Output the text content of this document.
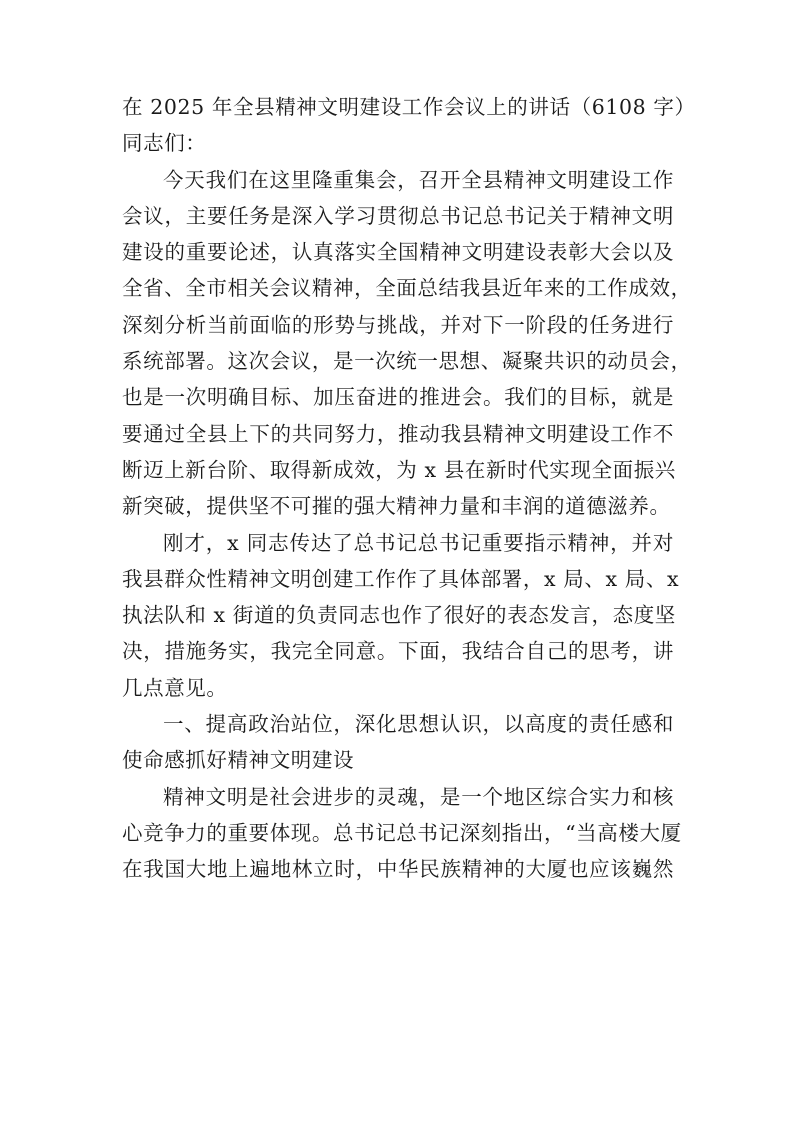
在 2025 年全县精神文明建设工作会议上的讲话（6108 字）
同志们：
今天我们在这里隆重集会，召开全县精神文明建设工作
会议，主要任务是深入学习贯彻总书记总书记关于精神文明
建设的重要论述，认真落实全国精神文明建设表彰大会以及
全省、全市相关会议精神，全面总结我县近年来的工作成效，
深刻分析当前面临的形势与挑战，并对下一阶段的任务进行
系统部署。这次会议，是一次统一思想、凝聚共识的动员会，
也是一次明确目标、加压奋进的推进会。我们的目标，就是
要通过全县上下的共同努力，推动我县精神文明建设工作不
断迈上新台阶、取得新成效，为 x 县在新时代实现全面振兴
新突破，提供坚不可摧的强大精神力量和丰润的道德滋养。
刚才，x 同志传达了总书记总书记重要指示精神，并对
我县群众性精神文明创建工作作了具体部署，x 局、x 局、x
执法队和 x 街道的负责同志也作了很好的表态发言，态度坚
决，措施务实，我完全同意。下面，我结合自己的思考，讲
几点意见。
一、提高政治站位，深化思想认识，以高度的责任感和
使命感抓好精神文明建设
精神文明是社会进步的灵魂，是一个地区综合实力和核
心竞争力的重要体现。总书记总书记深刻指出，“当高楼大厦
在我国大地上遍地林立时，中华民族精神的大厦也应该巍然
